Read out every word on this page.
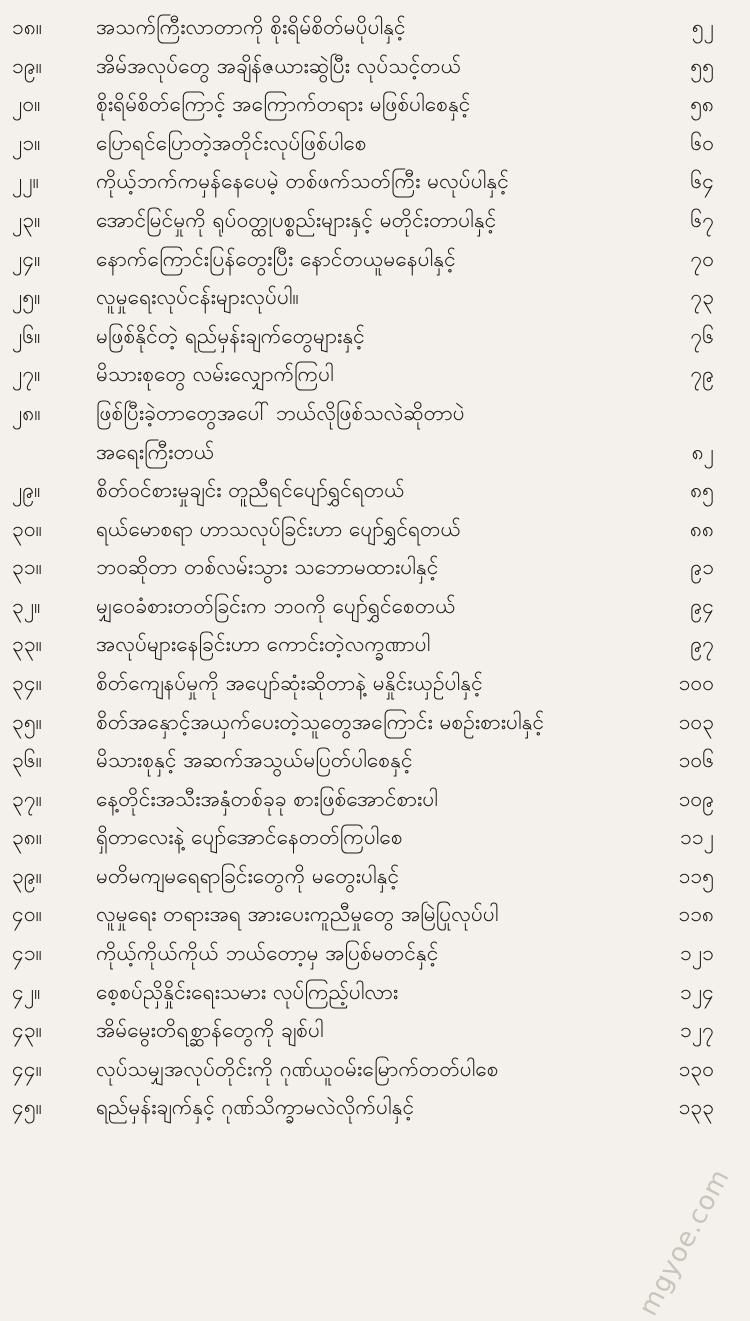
၁၈။	အသက်ကြီးလာတာကို စိုးရိမ်စိတ်မပိုပါနှင့်	၅၂
၁၉။	အိမ်အလုပ်တွေ အချိန်ဇယားဆွဲပြီး လုပ်သင့်တယ်	၅၅
၂၀။	စိုးရိမ်စိတ်ကြောင့် အကြောက်တရား မဖြစ်ပါစေနှင့်	၅၈
၂၁။	ပြောရင်ပြောတဲ့အတိုင်းလုပ်ဖြစ်ပါစေ	၆၀
၂၂။	ကိုယ့်ဘက်ကမှန်နေပေမဲ့ တစ်ဖက်သတ်ကြီး မလုပ်ပါနှင့်	၆၄
၂၃။	အောင်မြင်မှုကို ရုပ်ဝတ္ထုပစ္စည်းများနှင့် မတိုင်းတာပါနှင့်	၆၇
၂၄။	နောက်ကြောင်းပြန်တွေးပြီး နောင်တယူမနေပါနှင့်	၇၀
၂၅။	လူမှုရေးလုပ်ငန်းများလုပ်ပါ။	၇၃
၂၆။	မဖြစ်နိုင်တဲ့ ရည်မှန်းချက်တွေများနှင့်	၇၆
၂၇။	မိသားစုတွေ လမ်းလျှောက်ကြပါ	၇၉
၂၈။	ဖြစ်ပြီးခဲ့တာတွေအပေါ် ဘယ်လိုဖြစ်သလဲဆိုတာပဲ
အရေးကြီးတယ်	၈၂
၂၉။	စိတ်ဝင်စားမှုချင်း တူညီရင်ပျော်ရွှင်ရတယ်	၈၅
၃၀။	ရယ်မောစရာ ဟာသလုပ်ခြင်းဟာ ပျော်ရွှင်ရတယ်	၈၈
၃၁။	ဘဝဆိုတာ တစ်လမ်းသွား သဘောမထားပါနှင့်	၉၁
၃၂။	မျှဝေခံစားတတ်ခြင်းက ဘဝကို ပျော်ရွှင်စေတယ်	၉၄
၃၃။	အလုပ်များနေခြင်းဟာ ကောင်းတဲ့လက္ခဏာပါ	၉၇
၃၄။	စိတ်ကျေနပ်မှုကို အပျော်ဆုံးဆိုတာနဲ့ မနှိုင်းယှဉ်ပါနှင့်	၁၀၀
၃၅။	စိတ်အနှောင့်အယှက်ပေးတဲ့သူတွေအကြောင်း မစဉ်းစားပါနှင့်	၁၀၃
၃၆။	မိသားစုနှင့် အဆက်အသွယ်မပြတ်ပါစေနှင့်	၁၀၆
၃၇။	နေ့တိုင်းအသီးအနှံတစ်ခုခု စားဖြစ်အောင်စားပါ	၁၀၉
၃၈။	ရှိတာလေးနဲ့ ပျော်အောင်နေတတ်ကြပါစေ	၁၁၂
၃၉။	မတိမကျမရေရာခြင်းတွေကို မတွေးပါနှင့်	၁၁၅
၄၀။	လူမှုရေး တရားအရ အားပေးကူညီမှုတွေ အမြဲပြုလုပ်ပါ	၁၁၈
၄၁။	ကိုယ့်ကိုယ်ကိုယ် ဘယ်တော့မှ အပြစ်မတင်နှင့်	၁၂၁
၄၂။	စေ့စပ်ညှိနှိုင်းရေးသမား လုပ်ကြည့်ပါလား	၁၂၄
၄၃။	အိမ်မွေးတိရစ္ဆာန်တွေကို ချစ်ပါ	၁၂၇
၄၄။	လုပ်သမျှအလုပ်တိုင်းကို ဂုဏ်ယူဝမ်းမြောက်တတ်ပါစေ	၁၃၀
၄၅။	ရည်မှန်းချက်နှင့် ဂုဏ်သိက္ခာမလဲလိုက်ပါနှင့်	၁၃၃
mgyoe.com
